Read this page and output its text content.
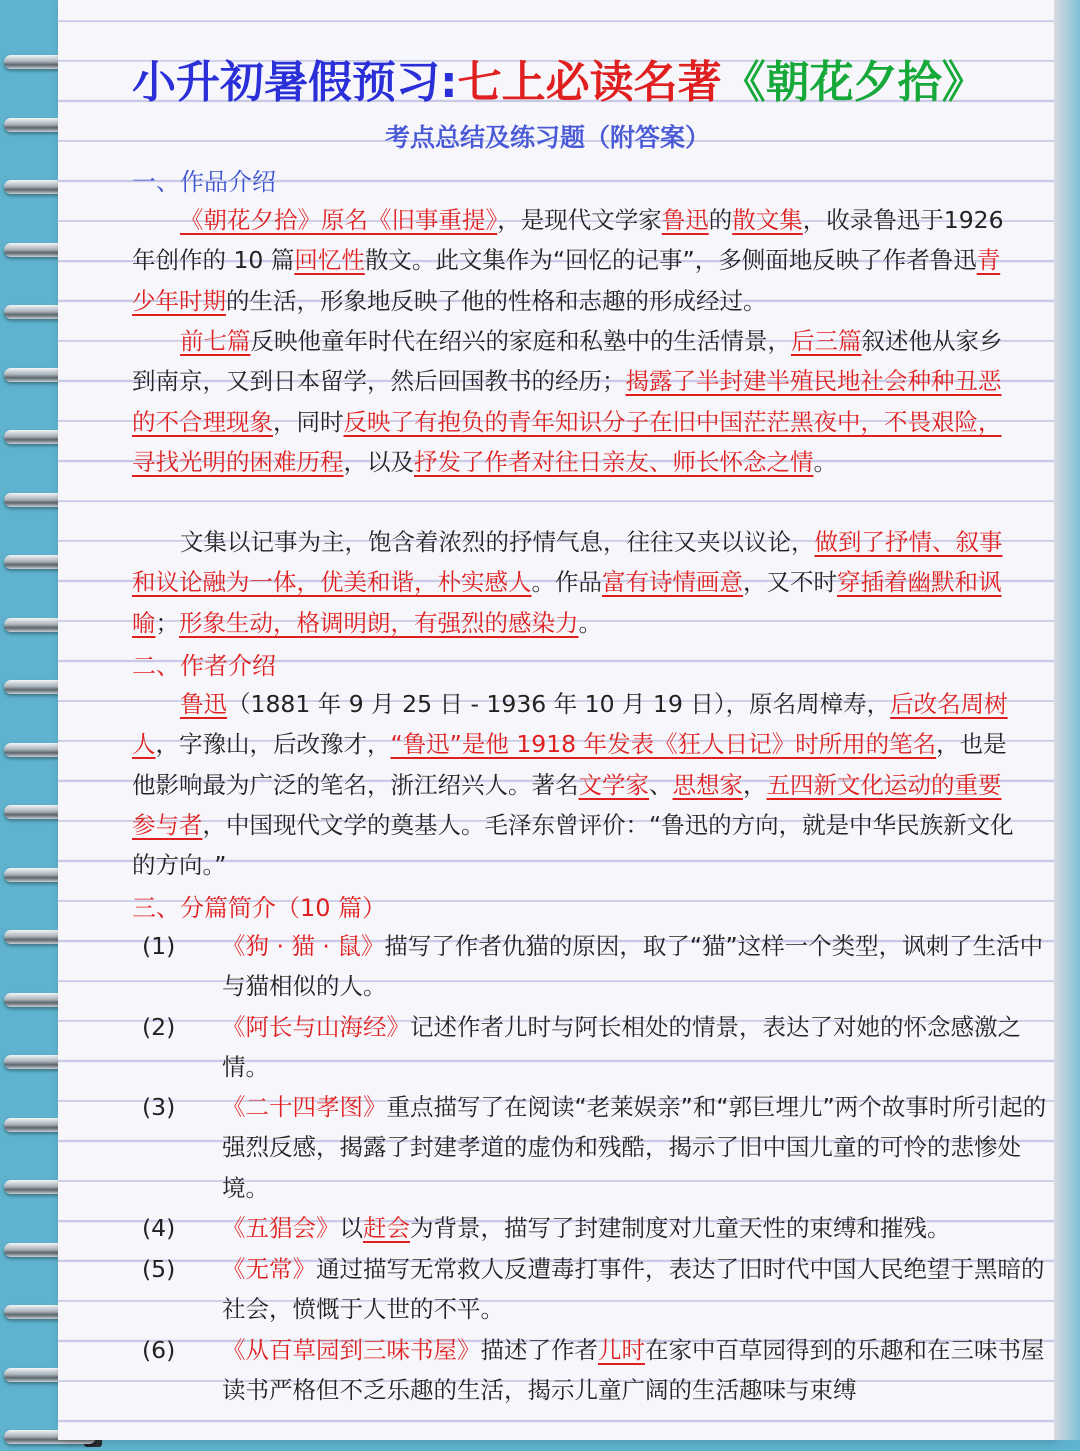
小升初暑假预习:七上必读名著《朝花夕拾》
考点总结及练习题（附答案）
一、作品介绍
《朝花夕拾》原名《旧事重提》，是现代文学家鲁迅的散文集，收录鲁迅于1926 年创作的 10 篇回忆性散文。此文集作为“回忆的记事”，多侧面地反映了作者鲁迅青少年时期的生活，形象地反映了他的性格和志趣的形成经过。
前七篇反映他童年时代在绍兴的家庭和私塾中的生活情景，后三篇叙述他从家乡到南京，又到日本留学，然后回国教书的经历；揭露了半封建半殖民地社会种种丑恶的不合理现象，同时反映了有抱负的青年知识分子在旧中国茫茫黑夜中，不畏艰险，寻找光明的困难历程，以及抒发了作者对往日亲友、师长怀念之情。
文集以记事为主，饱含着浓烈的抒情气息，往往又夹以议论，做到了抒情、叙事和议论融为一体，优美和谐，朴实感人。作品富有诗情画意，又不时穿插着幽默和讽喻；形象生动，格调明朗，有强烈的感染力。
二、作者介绍
鲁迅（1881 年 9 月 25 日 - 1936 年 10 月 19 日），原名周樟寿，后改名周树人，字豫山，后改豫才，“鲁迅”是他 1918 年发表《狂人日记》时所用的笔名，也是他影响最为广泛的笔名，浙江绍兴人。著名文学家、思想家，五四新文化运动的重要参与者，中国现代文学的奠基人。毛泽东曾评价：“鲁迅的方向，就是中华民族新文化的方向。”
三、分篇简介（10 篇）
(1) 《狗 · 猫 · 鼠》描写了作者仇猫的原因，取了“猫”这样一个类型，讽刺了生活中与猫相似的人。
(2) 《阿长与山海经》记述作者儿时与阿长相处的情景，表达了对她的怀念感激之情。
(3) 《二十四孝图》重点描写了在阅读“老莱娱亲”和“郭巨埋儿”两个故事时所引起的强烈反感，揭露了封建孝道的虚伪和残酷，揭示了旧中国儿童的可怜的悲惨处境。
(4) 《五猖会》以赶会为背景，描写了封建制度对儿童天性的束缚和摧残。
(5) 《无常》通过描写无常救人反遭毒打事件，表达了旧时代中国人民绝望于黑暗的社会，愤慨于人世的不平。
(6) 《从百草园到三味书屋》描述了作者儿时在家中百草园得到的乐趣和在三味书屋读书严格但不乏乐趣的生活，揭示儿童广阔的生活趣味与束缚
